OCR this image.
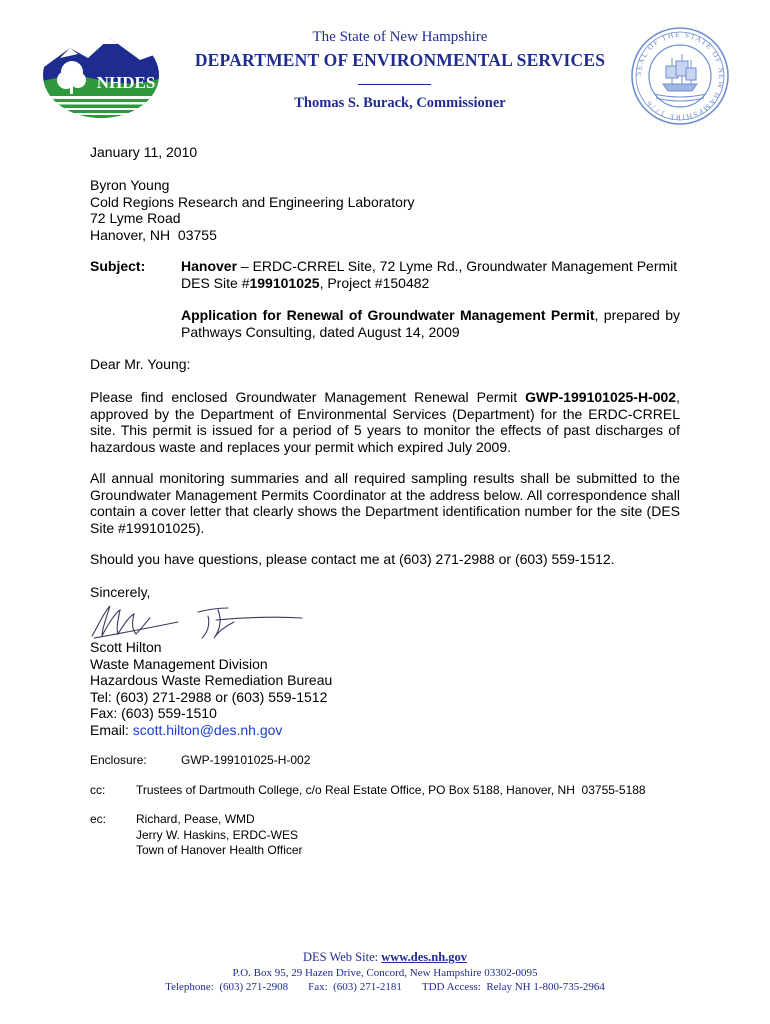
NHDES
The State of New Hampshire
DEPARTMENT OF ENVIRONMENTAL SERVICES
Thomas S. Burack, Commissioner
SEAL OF THE STATE OF NEW HAMPSHIRE 1776
January 11, 2010
Byron Young
Cold Regions Research and Engineering Laboratory
72 Lyme Road
Hanover, NH  03755
Subject:	Hanover – ERDC-CRREL Site, 72 Lyme Rd., Groundwater Management Permit
DES Site #199101025, Project #150482
Application for Renewal of Groundwater Management Permit, prepared by Pathways Consulting, dated August 14, 2009
Dear Mr. Young:
Please find enclosed Groundwater Management Renewal Permit GWP-199101025-H-002, approved by the Department of Environmental Services (Department) for the ERDC-CRREL site. This permit is issued for a period of 5 years to monitor the effects of past discharges of hazardous waste and replaces your permit which expired July 2009.
All annual monitoring summaries and all required sampling results shall be submitted to the Groundwater Management Permits Coordinator at the address below. All correspondence shall contain a cover letter that clearly shows the Department identification number for the site (DES Site #199101025).
Should you have questions, please contact me at (603) 271-2988 or (603) 559-1512.
Sincerely,
Scott Hilton
Waste Management Division
Hazardous Waste Remediation Bureau
Tel: (603) 271-2988 or (603) 559-1512
Fax: (603) 559-1510
Email: scott.hilton@des.nh.gov
Enclosure:	GWP-199101025-H-002
cc:	Trustees of Dartmouth College, c/o Real Estate Office, PO Box 5188, Hanover, NH  03755-5188
ec: Richard, Pease, WMD
Jerry W. Haskins, ERDC-WES
Town of Hanover Health Officer
DES Web Site: www.des.nh.gov
P.O. Box 95, 29 Hazen Drive, Concord, New Hampshire 03302-0095
Telephone:  (603) 271-2908 Fax:  (603) 271-2181 TDD Access:  Relay NH 1-800-735-2964
